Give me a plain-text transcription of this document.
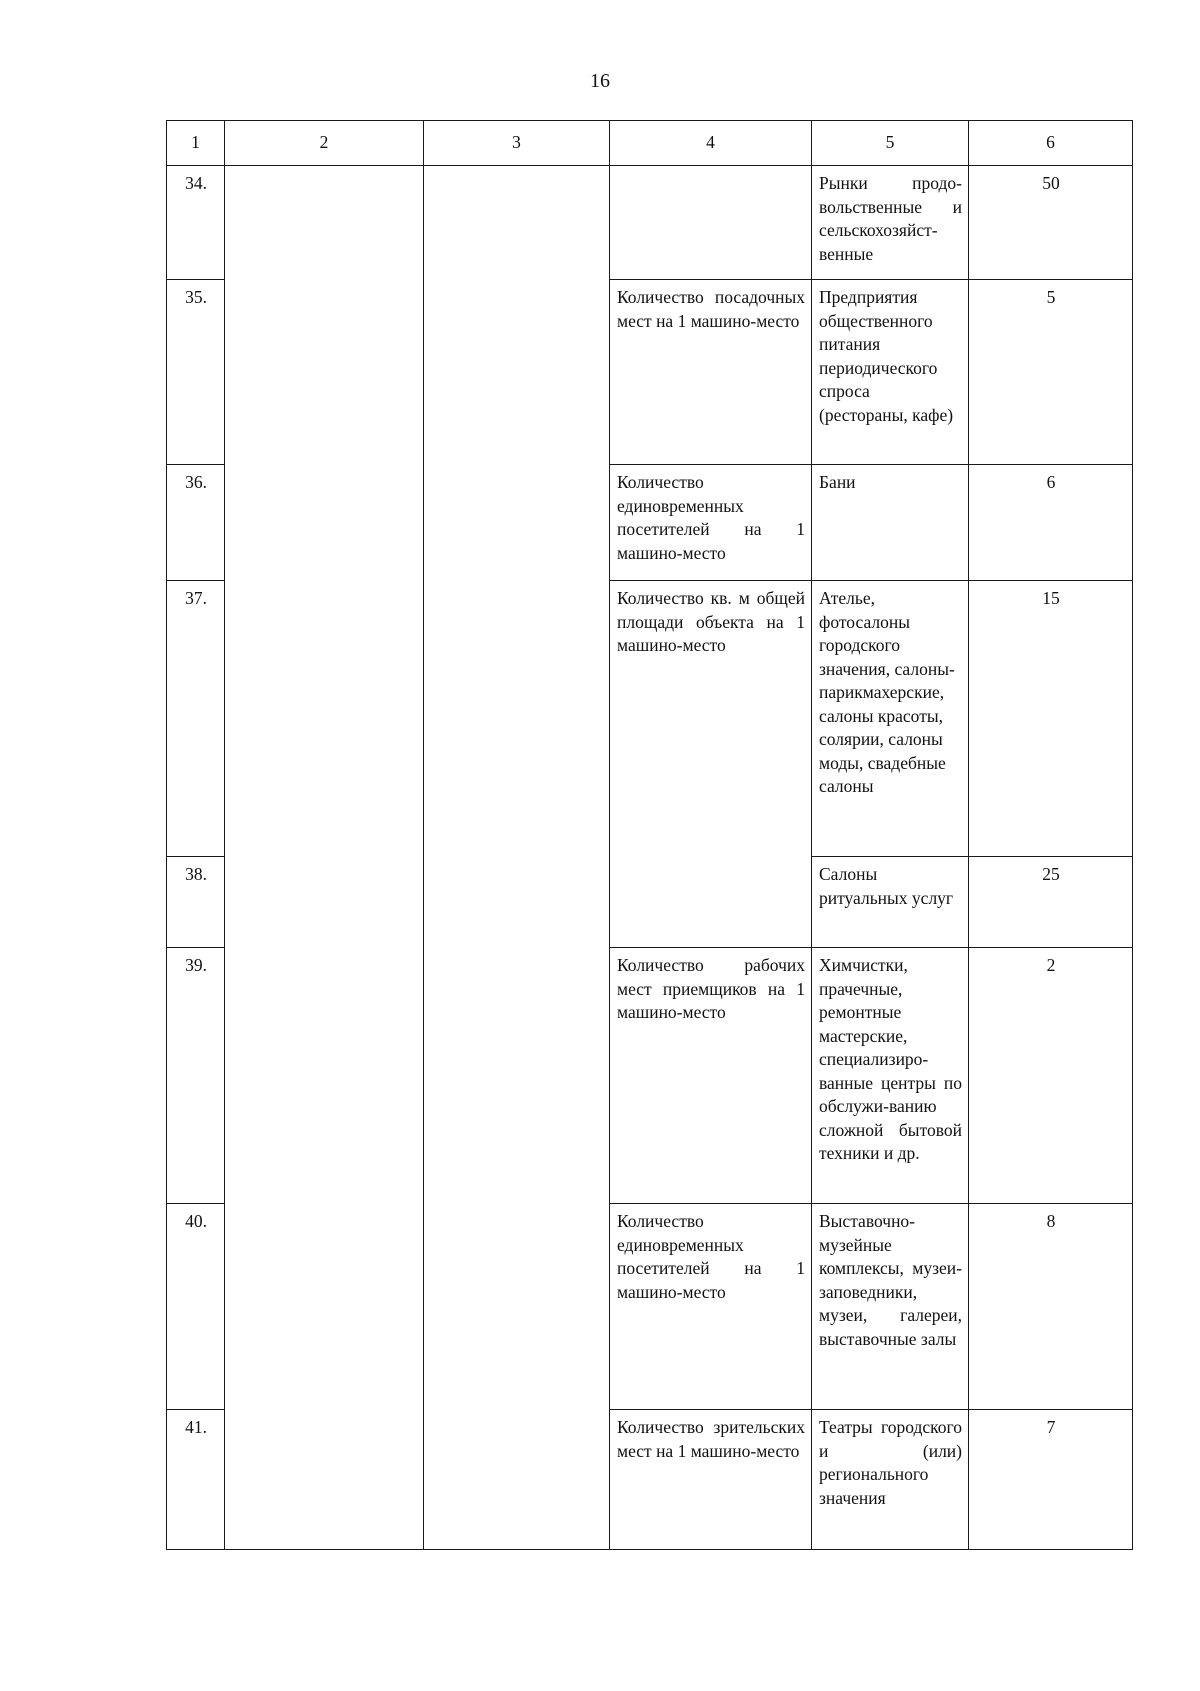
16
1	2	3	4	5	6
34.				Рынки продо-вольственные и сельскохозяйст-венные	50
35.			Количество посадочных мест на 1 машино-место	Предприятия общественного питания периодического спроса (рестораны, кафе)	5
36.			Количество единовременных посетителей на 1 машино-место	Бани	6
37.			Количество кв. м общей площади объекта на 1 машино-место	Ателье, фотосалоны городского значения, салоны-парикмахерские, салоны красоты, солярии, салоны моды, свадебные салоны	15
38.				Салоны ритуальных услуг	25
39.			Количество рабочих мест приемщиков на 1 машино-место	Химчистки, прачечные, ремонтные мастерские, специализиро-ванные центры по обслужи-ванию сложной бытовой техники и др.	2
40.			Количество единовременных посетителей на 1 машино-место	Выставочно-музейные комплексы, музеи-заповедники, музеи, галереи, выставочные залы	8
41.			Количество зрительских мест на 1 машино-место	Театры городского и (или) регионального значения	7
